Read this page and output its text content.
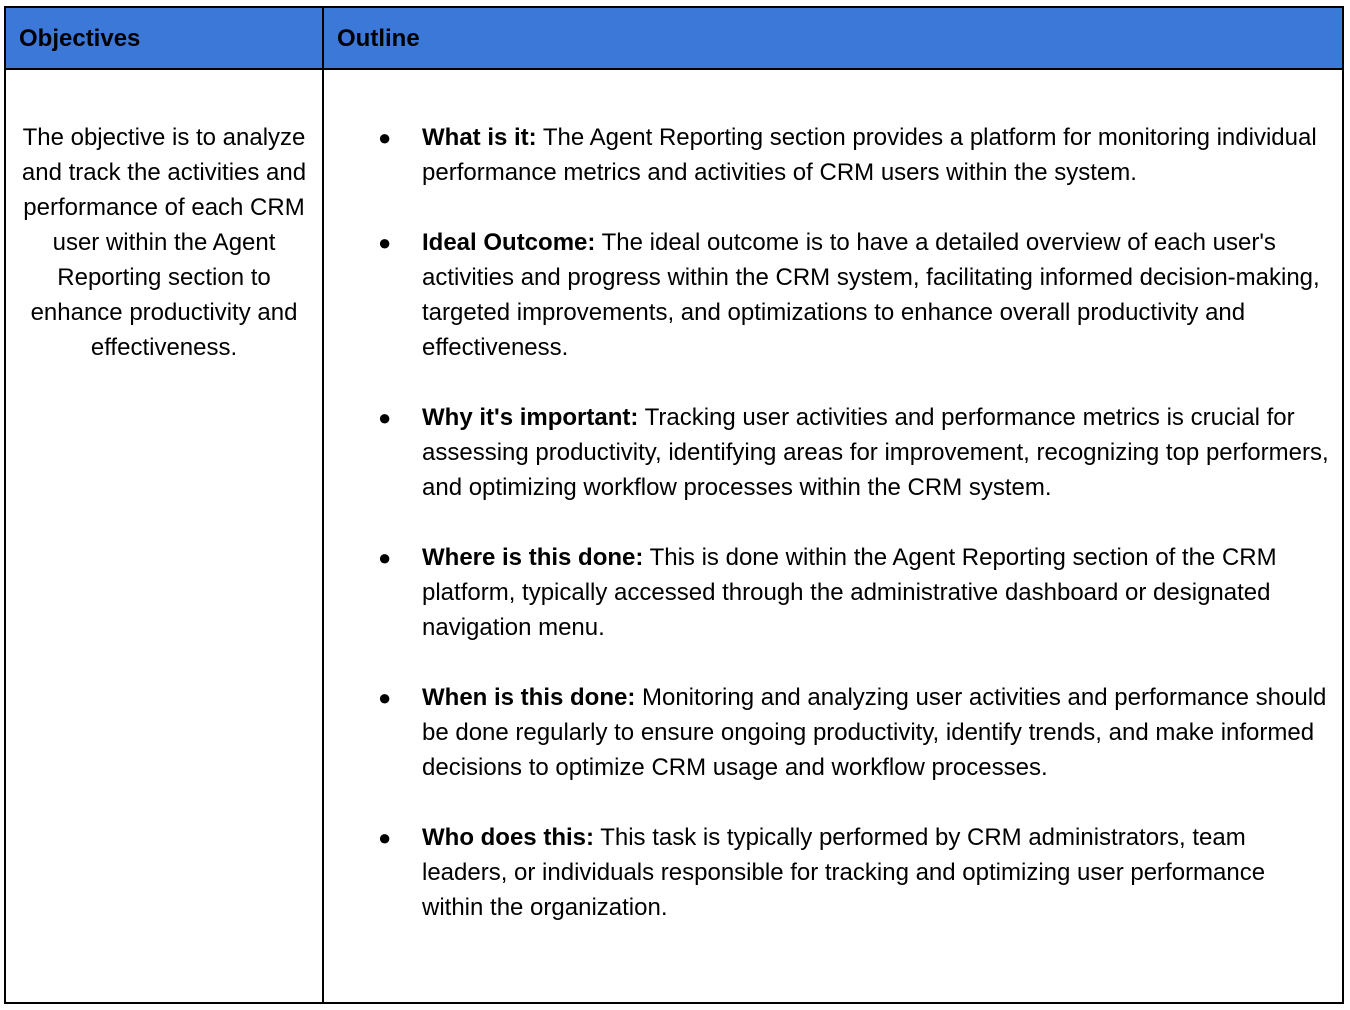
Objectives	Outline
The objective is to analyze and track the activities and performance of each CRM user within the Agent Reporting section to enhance productivity and effectiveness.
● What is it: The Agent Reporting section provides a platform for monitoring individual performance metrics and activities of CRM users within the system.
● Ideal Outcome: The ideal outcome is to have a detailed overview of each user's activities and progress within the CRM system, facilitating informed decision-making, targeted improvements, and optimizations to enhance overall productivity and effectiveness.
● Why it's important: Tracking user activities and performance metrics is crucial for assessing productivity, identifying areas for improvement, recognizing top performers, and optimizing workflow processes within the CRM system.
● Where is this done: This is done within the Agent Reporting section of the CRM platform, typically accessed through the administrative dashboard or designated navigation menu.
● When is this done: Monitoring and analyzing user activities and performance should be done regularly to ensure ongoing productivity, identify trends, and make informed decisions to optimize CRM usage and workflow processes.
● Who does this: This task is typically performed by CRM administrators, team leaders, or individuals responsible for tracking and optimizing user performance within the organization.
